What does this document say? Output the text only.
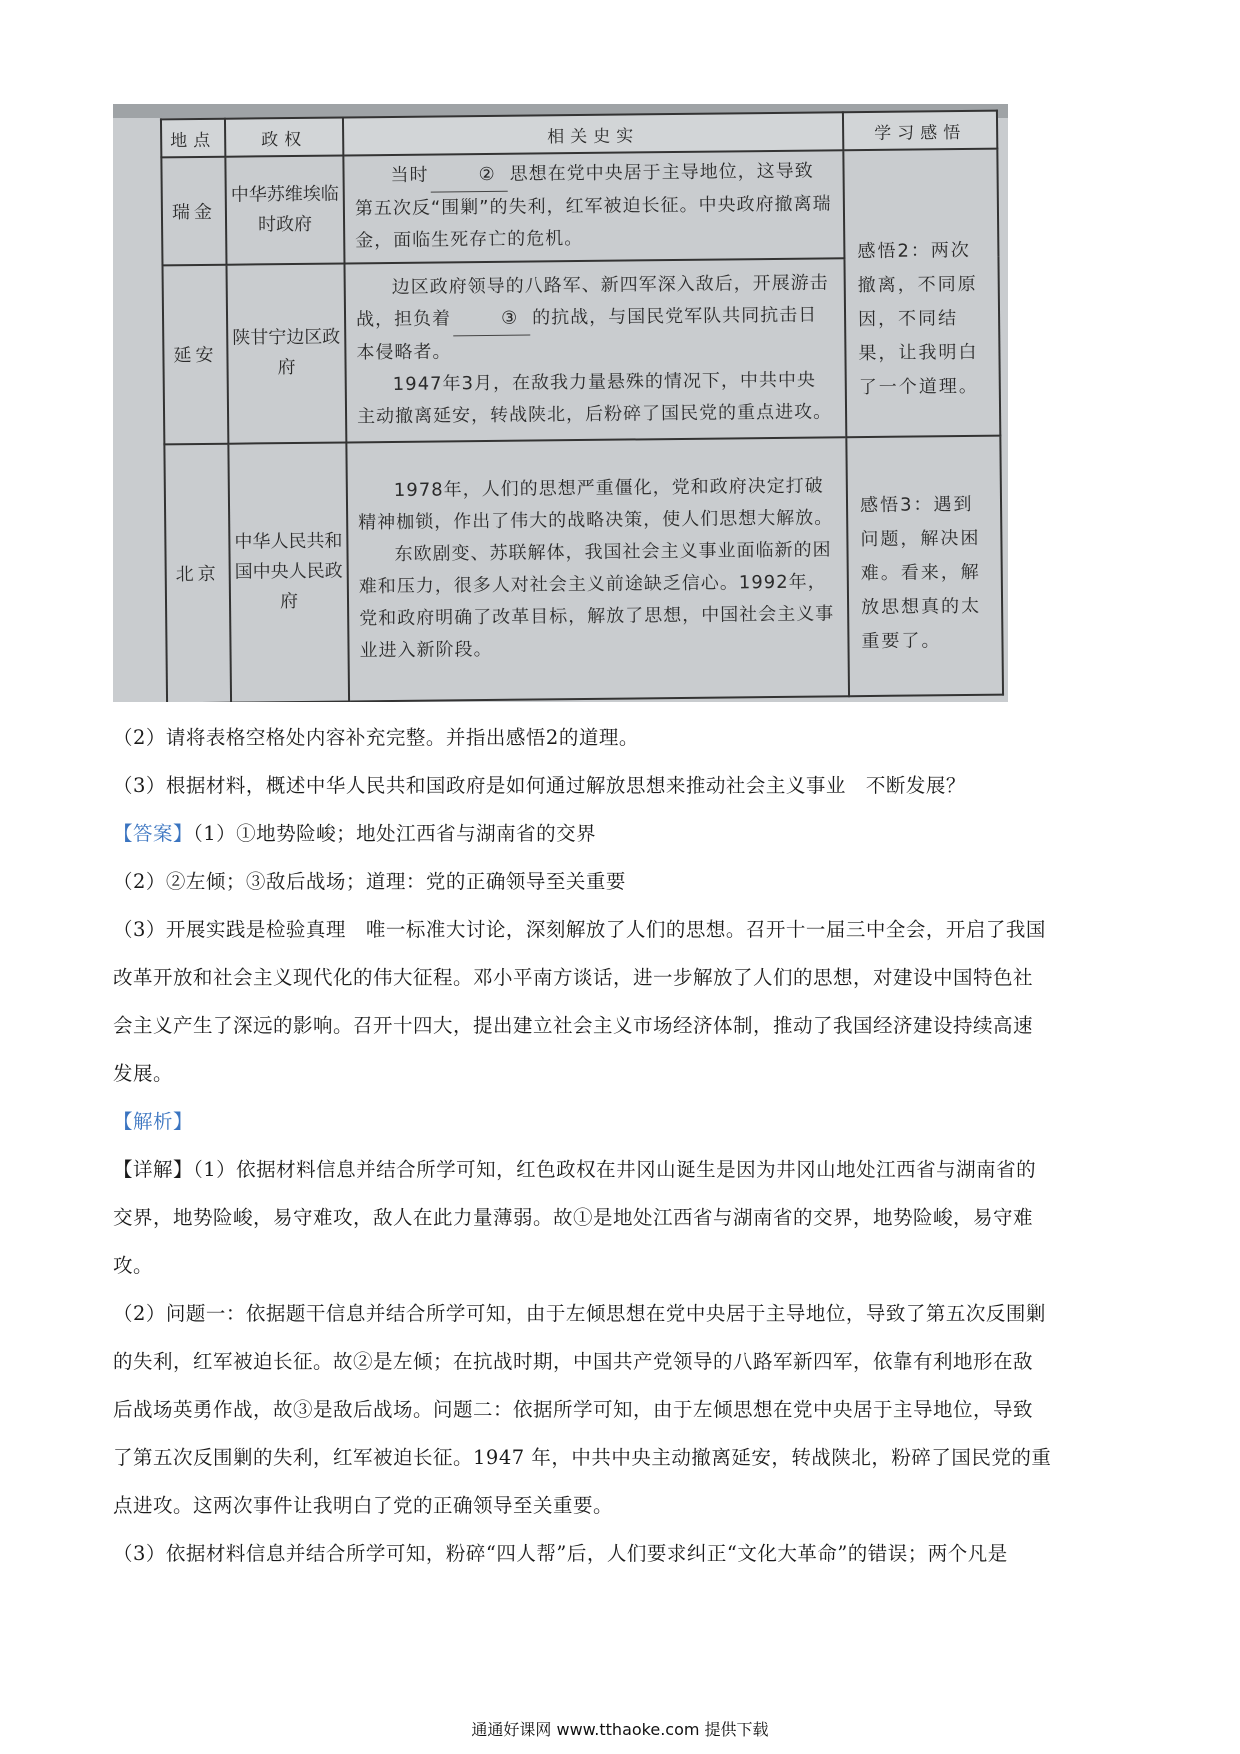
地点	政权	相关史实	学习感悟
瑞金	中华苏维埃临时政府	当时 ② 思想在党中央居于主导地位，这导致第五次反“围剿”的失利，红军被迫长征。中央政府撤离瑞金，面临生死存亡的危机。	感悟2：两次撤离，不同原因，不同结果，让我明白了一个道理。
延安	陕甘宁边区政府	边区政府领导的八路军、新四军深入敌后，开展游击战，担负着 ③ 的抗战，与国民党军队共同抗击日本侵略者。

1947年3月，在敌我力量悬殊的情况下，中共中央主动撤离延安，转战陕北，后粉碎了国民党的重点进攻。	

北京	中华人民共和国中央人民政府	1978年，人们的思想严重僵化，党和政府决定打破精神枷锁，作出了伟大的战略决策，使人们思想大解放。

东欧剧变、苏联解体，我国社会主义事业面临新的困难和压力，很多人对社会主义前途缺乏信心。1992年，党和政府明确了改革目标，解放了思想，中国社会主义事业进入新阶段。	感悟3：遇到问题，解决困难。看来，解放思想真的太重要了。

（2）请将表格空格处内容补充完整。并指出感悟2的道理。

（3）根据材料，概述中华人民共和国政府是如何通过解放思想来推动社会主义事业　不断发展？

【答案】（1）①地势险峻；地处江西省与湖南省的交界

（2）②左倾；③敌后战场；道理：党的正确领导至关重要

（3）开展实践是检验真理　唯一标准大讨论，深刻解放了人们的思想。召开十一届三中全会，开启了我国

改革开放和社会主义现代化的伟大征程。邓小平南方谈话，进一步解放了人们的思想，对建设中国特色社

会主义产生了深远的影响。召开十四大，提出建立社会主义市场经济体制，推动了我国经济建设持续高速

发展。

【解析】

【详解】（1）依据材料信息并结合所学可知，红色政权在井冈山诞生是因为井冈山地处江西省与湖南省的

交界，地势险峻，易守难攻，敌人在此力量薄弱。故①是地处江西省与湖南省的交界，地势险峻，易守难

攻。

（2）问题一：依据题干信息并结合所学可知，由于左倾思想在党中央居于主导地位，导致了第五次反围剿

的失利，红军被迫长征。故②是左倾；在抗战时期，中国共产党领导的八路军新四军，依靠有利地形在敌

后战场英勇作战，故③是敌后战场。问题二：依据所学可知，由于左倾思想在党中央居于主导地位，导致

了第五次反围剿的失利，红军被迫长征。1947 年，中共中央主动撤离延安，转战陕北，粉碎了国民党的重

点进攻。这两次事件让我明白了党的正确领导至关重要。

（3）依据材料信息并结合所学可知，粉碎“四人帮”后，人们要求纠正“文化大革命”的错误；两个凡是

通通好课网 www.tthaoke.com 提供下载
